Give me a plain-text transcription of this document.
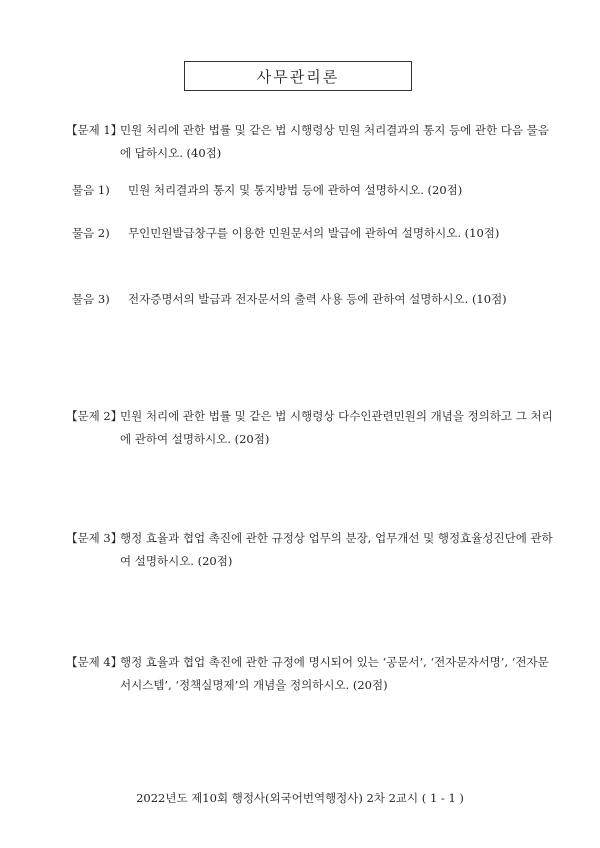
사무관리론
【문제 1】
민원 처리에 관한 법률 및 같은 법 시행령상 민원 처리결과의 통지 등에 관한 다음 물음에 답하시오. (40점)
물음 1)	민원 처리결과의 통지 및 통지방법 등에 관하여 설명하시오. (20점)
물음 2)	무인민원발급창구를 이용한 민원문서의 발급에 관하여 설명하시오. (10점)
물음 3)	전자증명서의 발급과 전자문서의 출력 사용 등에 관하여 설명하시오. (10점)
【문제 2】
민원 처리에 관한 법률 및 같은 법 시행령상 다수인관련민원의 개념을 정의하고 그 처리에 관하여 설명하시오. (20점)
【문제 3】
행정 효율과 협업 촉진에 관한 규정상 업무의 분장, 업무개선 및 행정효율성진단에 관하여 설명하시오. (20점)
【문제 4】
행정 효율과 협업 촉진에 관한 규정에 명시되어 있는 ‘공문서’, ‘전자문자서명’, ‘전자문서시스템’, ‘정책실명제’의 개념을 정의하시오. (20점)
2022년도 제10회 행정사(외국어번역행정사) 2차 2교시 ( 1 - 1 )
